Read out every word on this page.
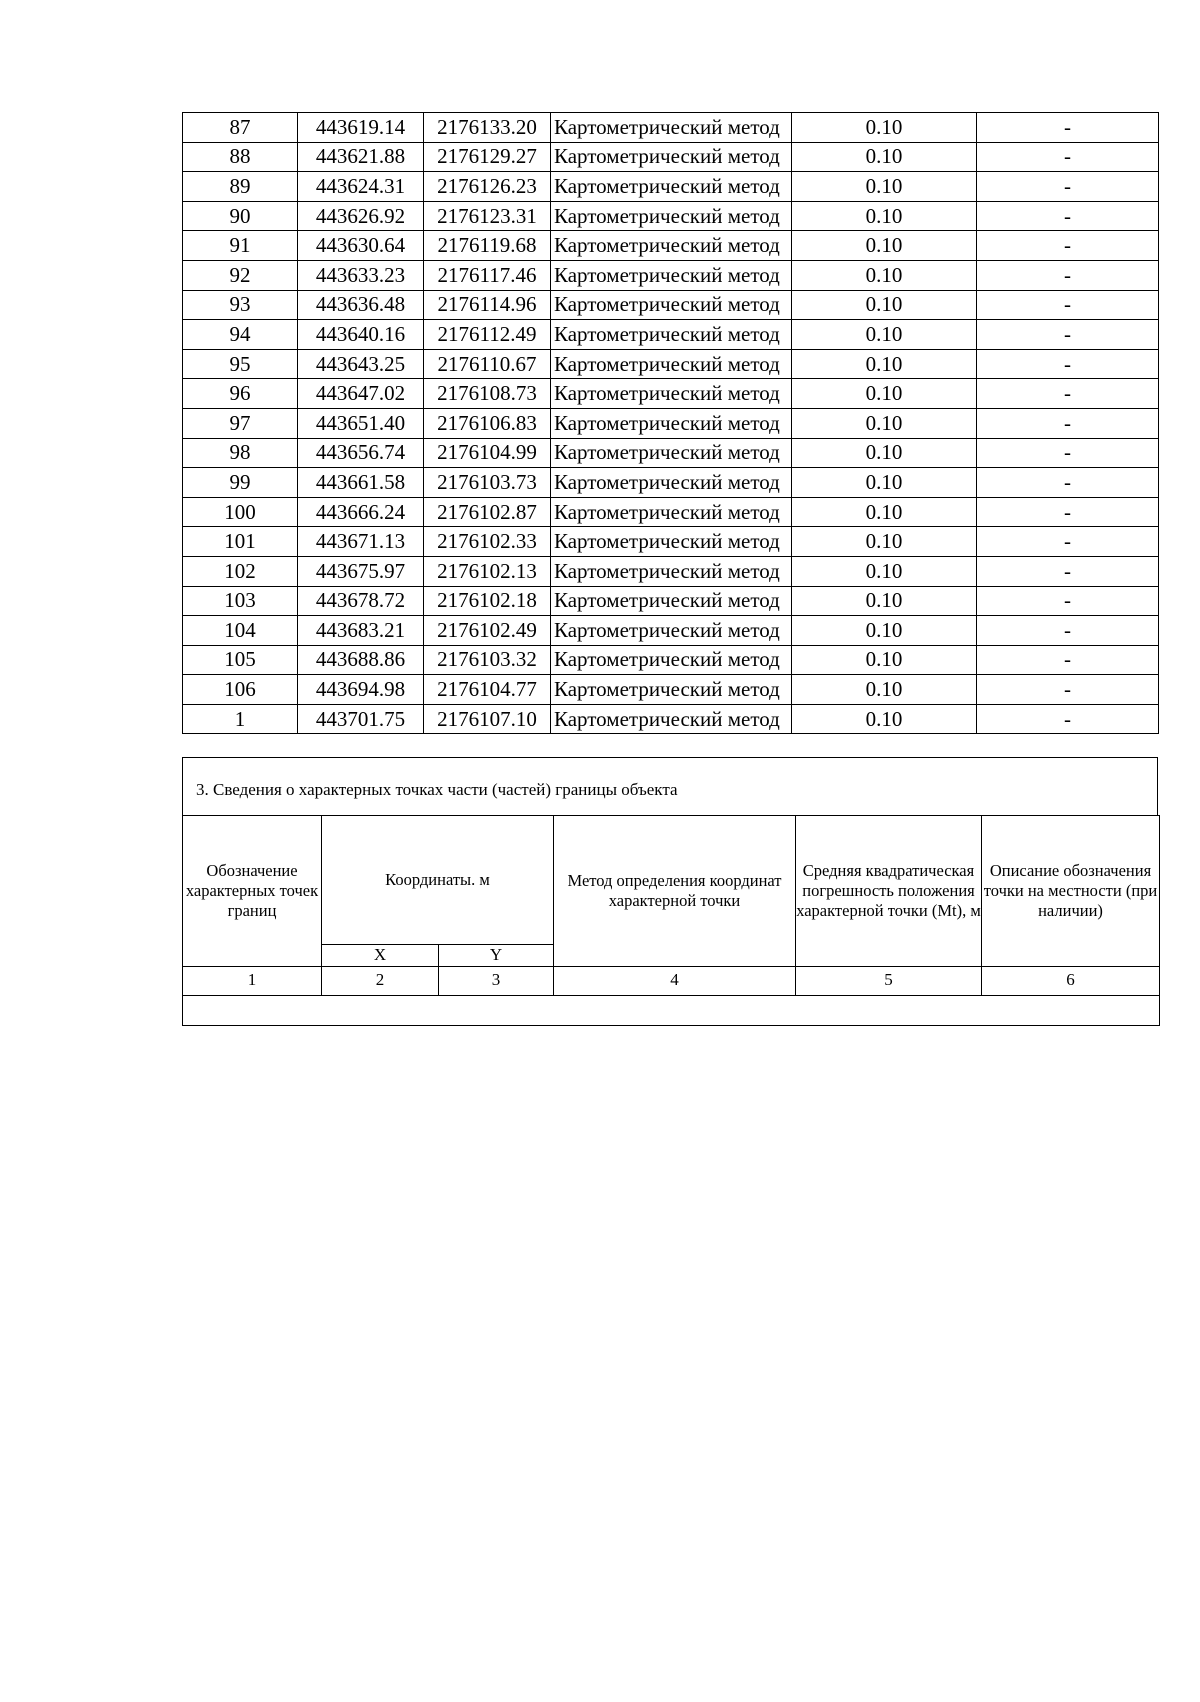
87	443619.14	2176133.20	Картометрический метод	0.10	-
88	443621.88	2176129.27	Картометрический метод	0.10	-
89	443624.31	2176126.23	Картометрический метод	0.10	-
90	443626.92	2176123.31	Картометрический метод	0.10	-
91	443630.64	2176119.68	Картометрический метод	0.10	-
92	443633.23	2176117.46	Картометрический метод	0.10	-
93	443636.48	2176114.96	Картометрический метод	0.10	-
94	443640.16	2176112.49	Картометрический метод	0.10	-
95	443643.25	2176110.67	Картометрический метод	0.10	-
96	443647.02	2176108.73	Картометрический метод	0.10	-
97	443651.40	2176106.83	Картометрический метод	0.10	-
98	443656.74	2176104.99	Картометрический метод	0.10	-
99	443661.58	2176103.73	Картометрический метод	0.10	-
100	443666.24	2176102.87	Картометрический метод	0.10	-
101	443671.13	2176102.33	Картометрический метод	0.10	-
102	443675.97	2176102.13	Картометрический метод	0.10	-
103	443678.72	2176102.18	Картометрический метод	0.10	-
104	443683.21	2176102.49	Картометрический метод	0.10	-
105	443688.86	2176103.32	Картометрический метод	0.10	-
106	443694.98	2176104.77	Картометрический метод	0.10	-
1	443701.75	2176107.10	Картометрический метод	0.10	-
3. Сведения о характерных точках части (частей) границы объекта
Обозначение характерных точек границ	Координаты. м		Метод определения координат характерной точки	Средняя квадратическая погрешность положения характерной точки (Mt), м	Описание обозначения точки на местности (при наличии)
	X	Y			
1	2	3	4	5	6
